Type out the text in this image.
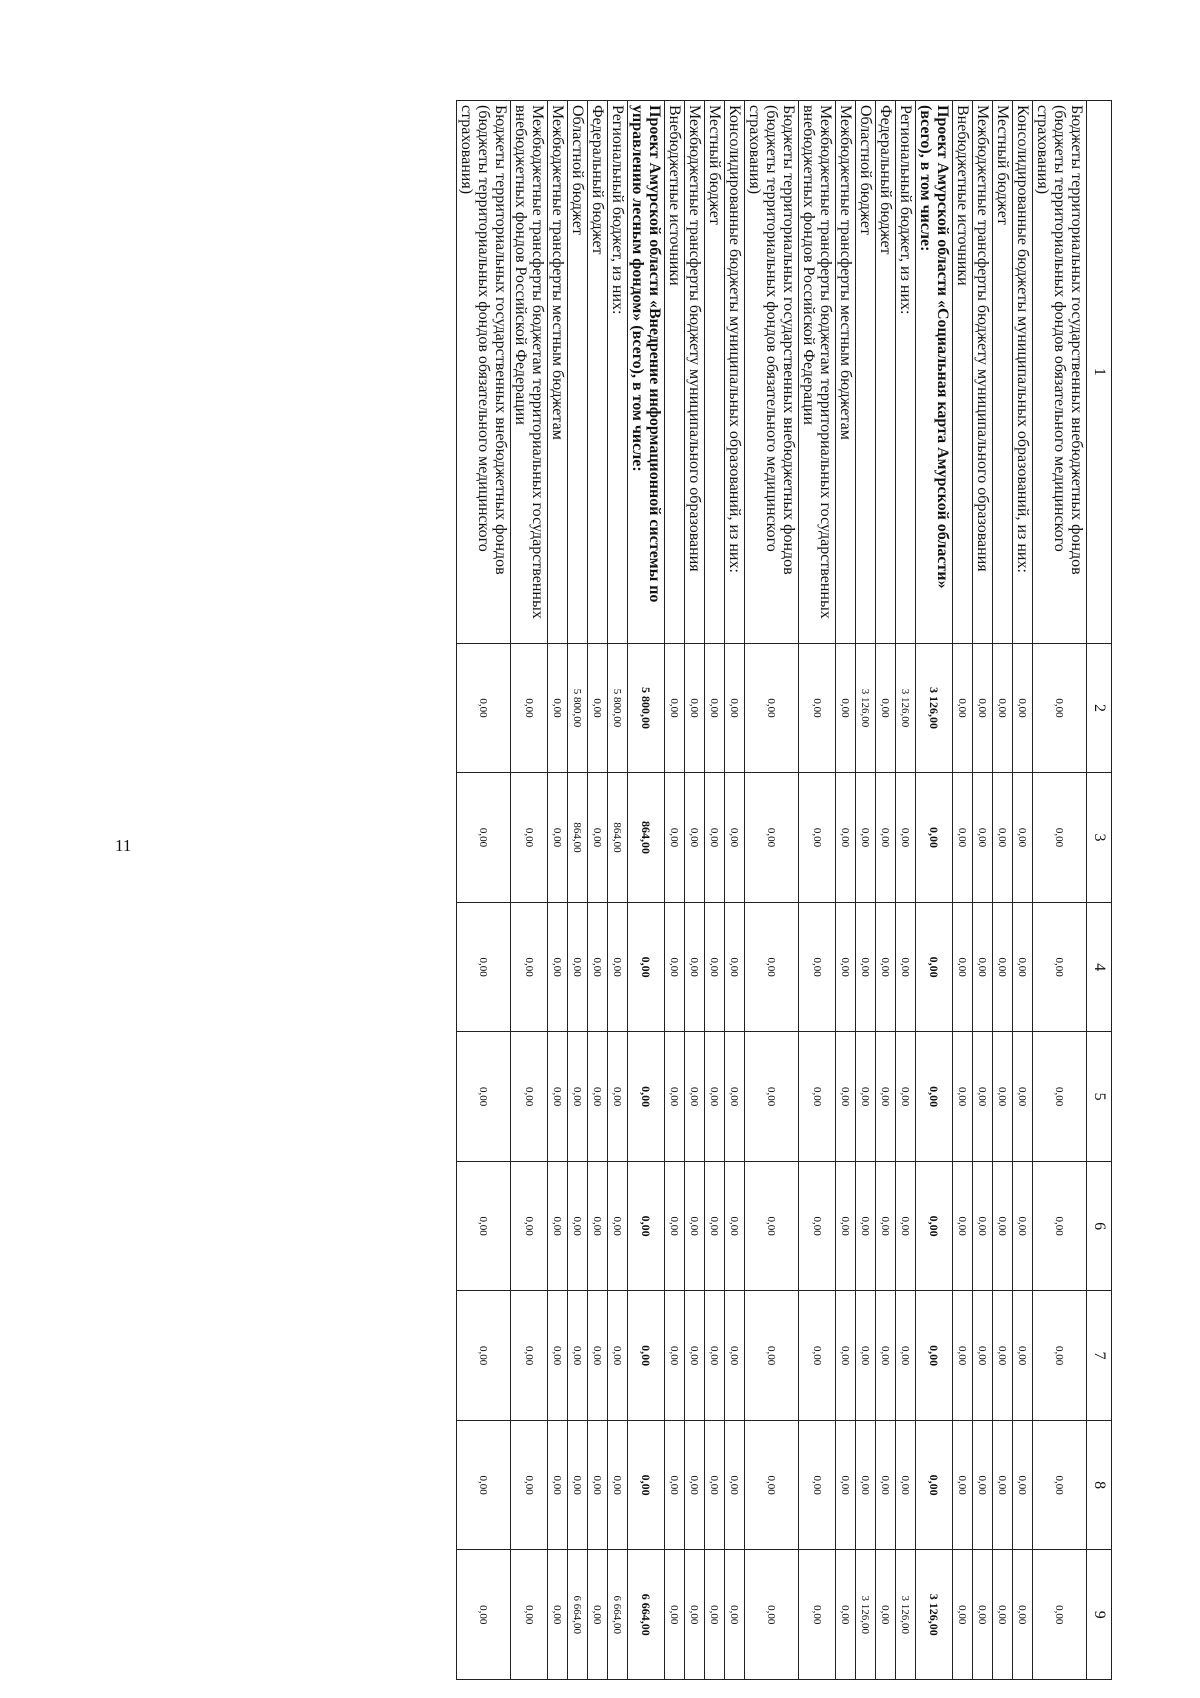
11
1	2	3	4	5	6	7	8	9
Бюджеты территориальных государственных внебюджетных фондов (бюджеты территориальных фондов обязательного медицинского страхования)	0,00	0,00	0,00	0,00	0,00	0,00	0,00	0,00
Консолидированные бюджеты муниципальных образований, из них:	0,00	0,00	0,00	0,00	0,00	0,00	0,00	0,00
Местный бюджет	0,00	0,00	0,00	0,00	0,00	0,00	0,00	0,00
Межбюджетные трансферты бюджету муниципального образования	0,00	0,00	0,00	0,00	0,00	0,00	0,00	0,00
Внебюджетные источники	0,00	0,00	0,00	0,00	0,00	0,00	0,00	0,00
Проект Амурской области «Социальная карта Амурской области» (всего), в том числе:	3 126,00	0,00	0,00	0,00	0,00	0,00	0,00	3 126,00
Региональный бюджет, из них:	3 126,00	0,00	0,00	0,00	0,00	0,00	0,00	3 126,00
Федеральный бюджет	0,00	0,00	0,00	0,00	0,00	0,00	0,00	0,00
Областной бюджет	3 126,00	0,00	0,00	0,00	0,00	0,00	0,00	3 126,00
Межбюджетные трансферты местным бюджетам	0,00	0,00	0,00	0,00	0,00	0,00	0,00	0,00
Межбюджетные трансферты бюджетам территориальных государственных внебюджетных фондов Российской Федерации	0,00	0,00	0,00	0,00	0,00	0,00	0,00	0,00
Бюджеты территориальных государственных внебюджетных фондов (бюджеты территориальных фондов обязательного медицинского страхования)	0,00	0,00	0,00	0,00	0,00	0,00	0,00	0,00
Консолидированные бюджеты муниципальных образований, из них:	0,00	0,00	0,00	0,00	0,00	0,00	0,00	0,00
Местный бюджет	0,00	0,00	0,00	0,00	0,00	0,00	0,00	0,00
Межбюджетные трансферты бюджету муниципального образования	0,00	0,00	0,00	0,00	0,00	0,00	0,00	0,00
Внебюджетные источники	0,00	0,00	0,00	0,00	0,00	0,00	0,00	0,00
Проект Амурской области «Внедрение информационной системы по управлению лесным фондом» (всего), в том числе:	5 800,00	864,00	0,00	0,00	0,00	0,00	0,00	6 664,00
Региональный бюджет, из них:	5 800,00	864,00	0,00	0,00	0,00	0,00	0,00	6 664,00
Федеральный бюджет	0,00	0,00	0,00	0,00	0,00	0,00	0,00	0,00
Областной бюджет	5 800,00	864,00	0,00	0,00	0,00	0,00	0,00	6 664,00
Межбюджетные трансферты местным бюджетам	0,00	0,00	0,00	0,00	0,00	0,00	0,00	0,00
Межбюджетные трансферты бюджетам территориальных государственных внебюджетных фондов Российской Федерации	0,00	0,00	0,00	0,00	0,00	0,00	0,00	0,00
Бюджеты территориальных государственных внебюджетных фондов (бюджеты территориальных фондов обязательного медицинского страхования)	0,00	0,00	0,00	0,00	0,00	0,00	0,00	0,00
